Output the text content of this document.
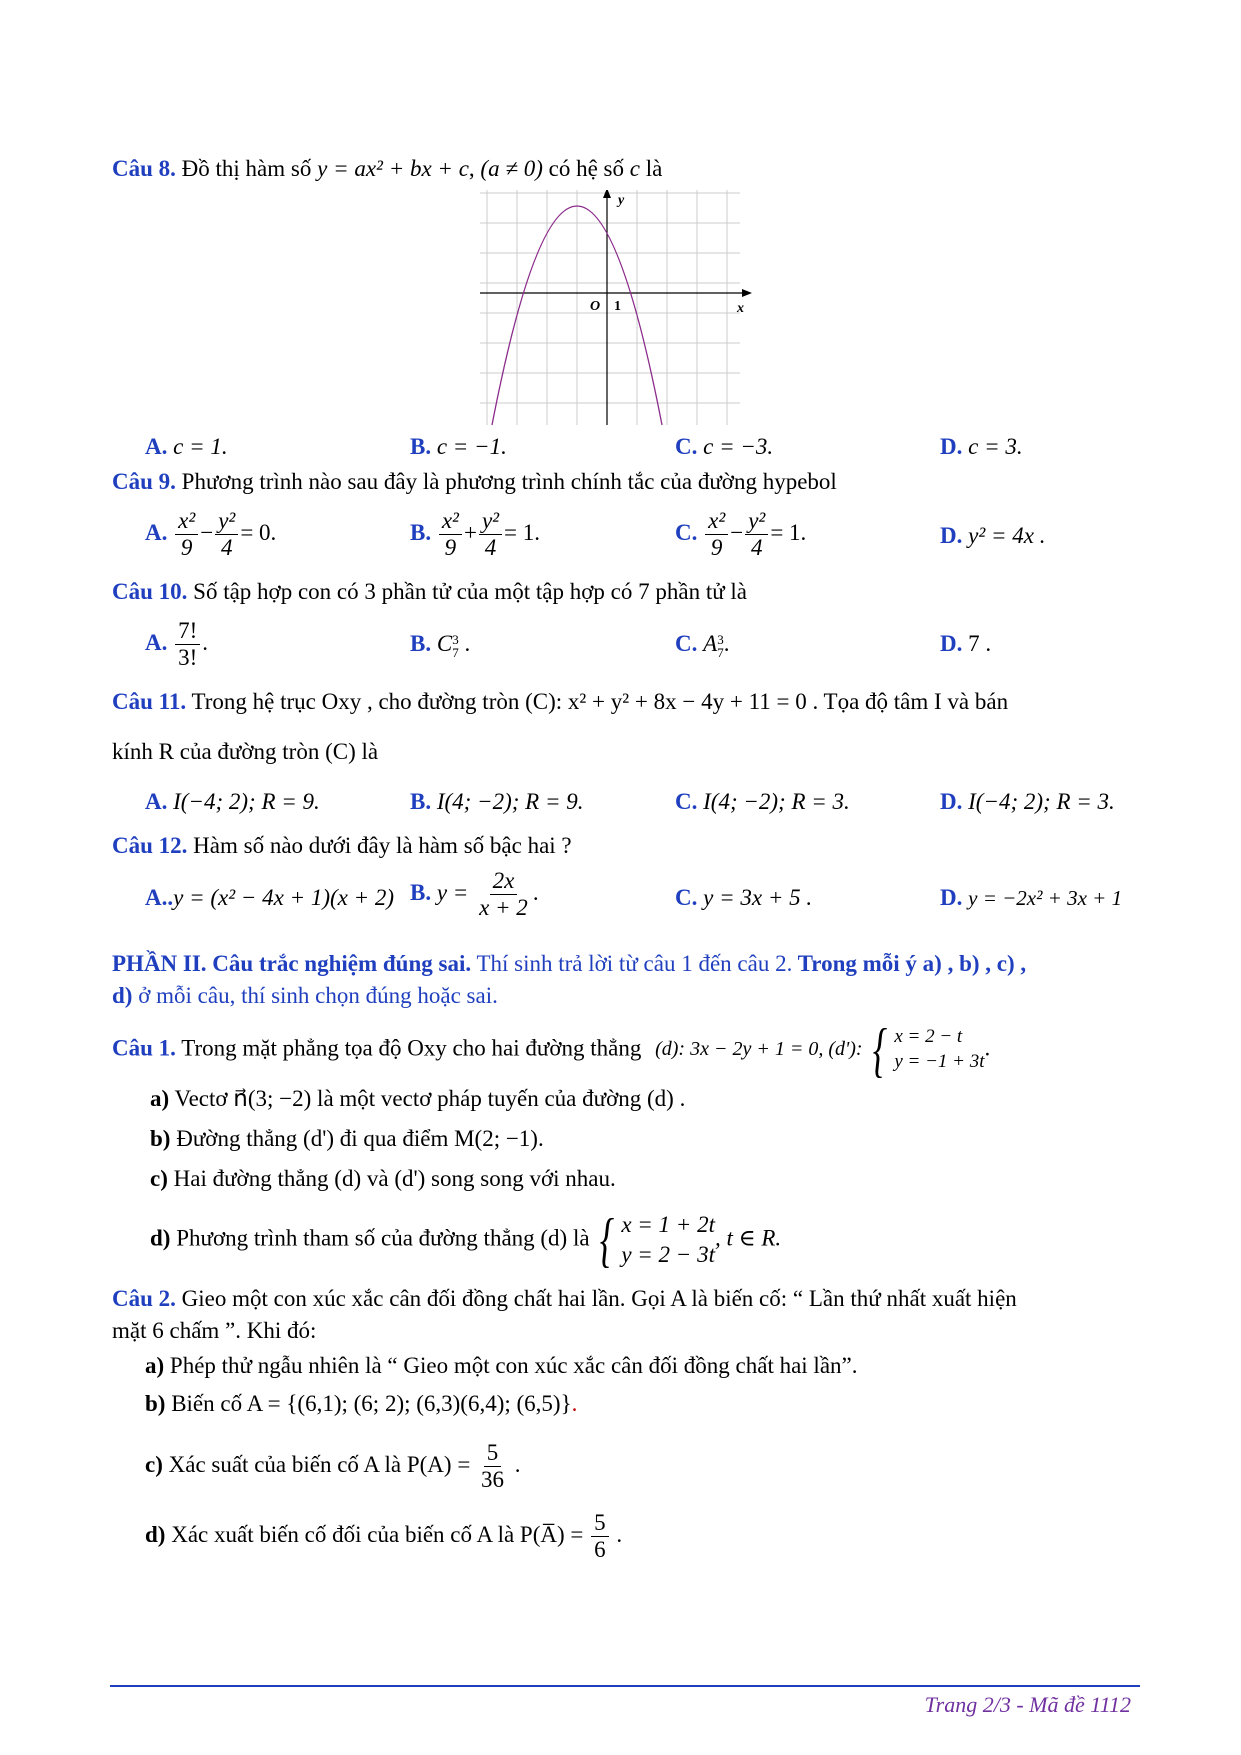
Câu 8. Đồ thị hàm số y = ax² + bx + c, (a ≠ 0) có hệ số c là
y
x
O 1
A. c = 1.	B. c = −1.	C. c = −3.	D. c = 3.
Câu 9. Phương trình nào sau đây là phương trình chính tắc của đường hypebol
A. $\frac{\text{x²}}{9} - \frac{\text{y²}}{4} = 0$.	B. $\frac{\text{x²}}{9} + \frac{\text{y²}}{4} = 1$.	C. $\frac{\text{x²}}{9} - \frac{\text{y²}}{4} = 1$.	D. y² = 4x .
Câu 10. Số tập hợp con có 3 phần tử của một tập hợp có 7 phần tử là
A. $\frac{7!}{3!}$ .	B. C 3
7 .	C. A 3
7 .	D. 7 .
Câu 11. Trong hệ trục Oxy , cho đường tròn (C): x² + y² + 8x − 4y + 11 = 0 . Tọa độ tâm I và bán
kính R của đường tròn (C) là
A. I(−4; 2); R = 9.	B. I(4; −2); R = 9.	C. I(4; −2); R = 3.	D. I(−4; 2); R = 3.
Câu 12. Hàm số nào dưới đây là hàm số bậc hai ?
A..y = (x² − 4x + 1)(x + 2) B. $y = \frac{2x}{x + 2}$ .	C. y = 3x + 5 .	D. y = −2x² + 3x + 1
PHẦN II. Câu trắc nghiệm đúng sai. Thí sinh trả lời từ câu 1 đến câu 2. Trong mỗi ý a) , b) , c) ,
d) ở mỗi câu, thí sinh chọn đúng hoặc sai.
Câu 1. Trong mặt phẳng tọa độ Oxy cho hai đường thẳng (d): 3x − 2y + 1 = 0, (d'): { x = 2 − t
y = −1 + 3t
.
a) Vectơ n⃗(3; −2) là một vectơ pháp tuyến của đường (d) .
b) Đường thẳng (d') đi qua điểm M(2; −1).
c) Hai đường thẳng (d) và (d') song song với nhau.
d) Phương trình tham số của đường thẳng (d) là { x = 1 + 2t
y = 2 − 3t
, t ∈ R.
Câu 2. Gieo một con xúc xắc cân đối đồng chất hai lần. Gọi A là biến cố: “ Lần thứ nhất xuất hiện
mặt 6 chấm ”. Khi đó:
a) Phép thử ngẫu nhiên là “ Gieo một con xúc xắc cân đối đồng chất hai lần”.
b) Biến cố A = {(6,1); (6; 2); (6,3)(6,4); (6,5)}.
c) Xác suất của biến cố A là $P(A) = \frac{5}{36}$ .
d) Xác xuất biến cố đối của biến cố A là P(A̅) = $\frac{5}{6}$ .
Trang 2/3 - Mã đề 1112
